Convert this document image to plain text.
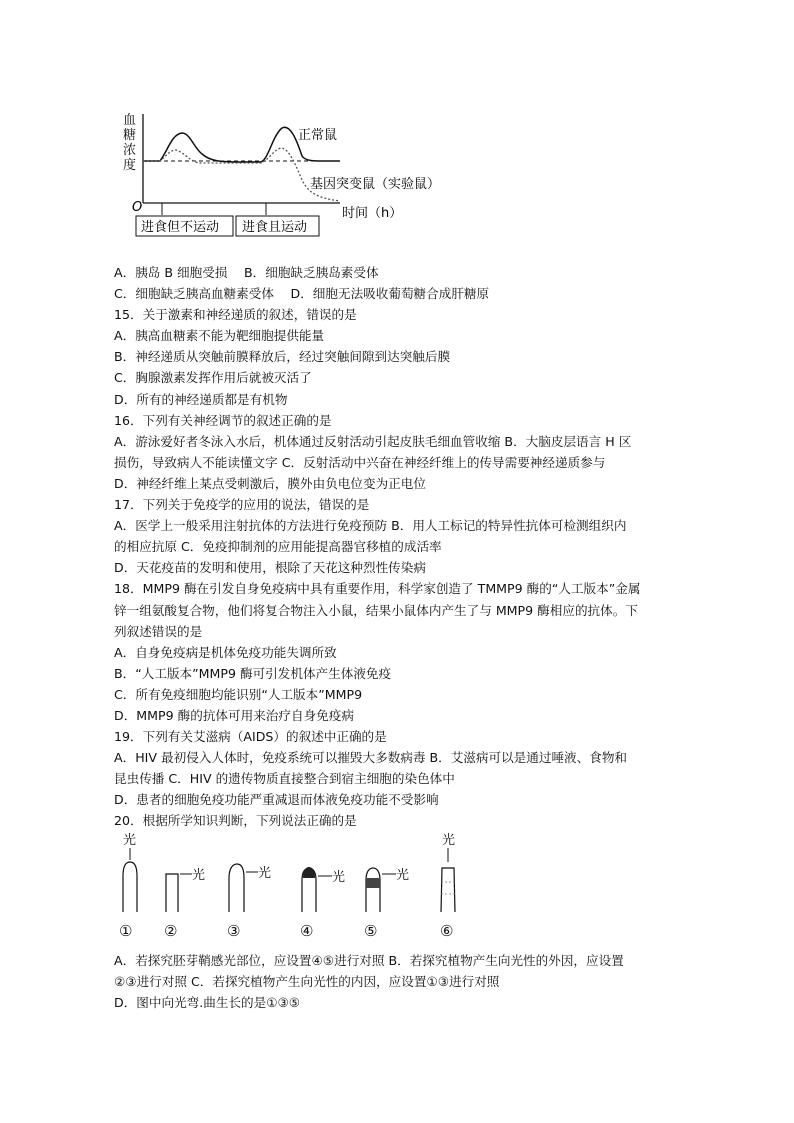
血
糖
浓
度
O	时间（h）
正常鼠
基因突变鼠（实验鼠）
进食但不运动 进食且运动
A．胰岛 B 细胞受损　 B．细胞缺乏胰岛素受体
C．细胞缺乏胰高血糖素受体　 D．细胞无法吸收葡萄糖合成肝糖原
15．关于激素和神经递质的叙述，错误的是
A．胰高血糖素不能为靶细胞提供能量
B．神经递质从突触前膜释放后，经过突触间隙到达突触后膜
C．胸腺激素发挥作用后就被灭活了
D．所有的神经递质都是有机物
16．下列有关神经调节的叙述正确的是
A．游泳爱好者冬泳入水后，机体通过反射活动引起皮肤毛细血管收缩 B．大脑皮层语言 H 区
损伤，导致病人不能读懂文字 C．反射活动中兴奋在神经纤维上的传导需要神经递质参与
D．神经纤维上某点受刺激后，膜外由负电位变为正电位
17．下列关于免疫学的应用的说法，错误的是
A．医学上一般采用注射抗体的方法进行免疫预防 B．用人工标记的特异性抗体可检测组织内
的相应抗原 C．免疫抑制剂的应用能提高器官移植的成活率
D．天花疫苗的发明和使用，根除了天花这种烈性传染病
18．MMP9 酶在引发自身免疫病中具有重要作用，科学家创造了 TMMP9 酶的“人工版本”金属
锌一组氨酸复合物，他们将复合物注入小鼠，结果小鼠体内产生了与 MMP9 酶相应的抗体。下
列叙述错误的是
A．自身免疫病是机体免疫功能失调所致
B．“人工版本”MMP9 酶可引发机体产生体液免疫
C．所有免疫细胞均能识别“人工版本”MMP9
D．MMP9 酶的抗体可用来治疗自身免疫病
19．下列有关艾滋病（AIDS）的叙述中正确的是
A．HIV 最初侵入人体时，免疫系统可以摧毁大多数病毒 B．艾滋病可以是通过唾液、食物和
昆虫传播 C．HIV 的遗传物质直接整合到宿主细胞的染色体中
D．患者的细胞免疫功能严重减退而体液免疫功能不受影响
20．根据所学知识判断，下列说法正确的是
光
①
光
②
光
③
光
④
光
⑤
光
⑥
A．若探究胚芽鞘感光部位，应设置④⑤进行对照 B．若探究植物产生向光性的外因，应设置
②③进行对照 C．若探究植物产生向光性的内因，应设置①③进行对照
D．图中向光弯.曲生长的是①③⑤
